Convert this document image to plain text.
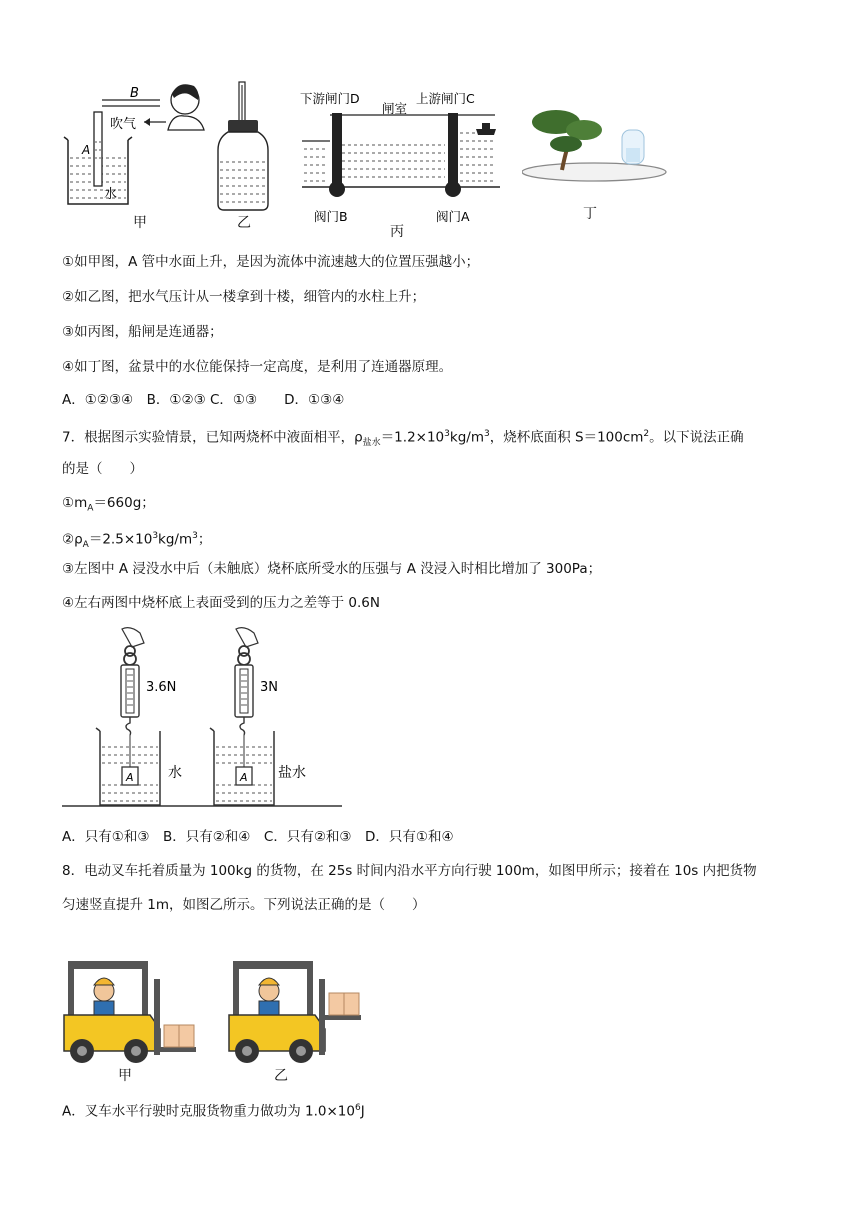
B
吹气
A
水
甲	乙
下游闸门D	上游闸门C
闸室
阀门B	阀门A
丙
丁
①如甲图，A 管中水面上升，是因为流体中流速越大的位置压强越小；
②如乙图，把水气压计从一楼拿到十楼，细管内的水柱上升；
③如丙图，船闸是连通器；
④如丁图，盆景中的水位能保持一定高度，是利用了连通器原理。
A．①②③④　B．①②③ C．①③　　D．①③④
7．根据图示实验情景，已知两烧杯中液面相平，$\rho_{盐水}=1.2\times 10^3kg/m^3$，烧杯底面积 $S=100cm^2$。以下说法正确
的是（　　）
$①m_A=660g$；
$②\rho_A=2.5\times 10^3kg/m^3$；
③左图中 A 浸没水中后（未触底）烧杯底所受水的压强与 A 没浸入时相比增加了 300Pa；
④左右两图中烧杯底上表面受到的压力之差等于 0.6N
3.6N	3N
水	盐水
A	A
A．只有①和③　B．只有②和④　C．只有②和③　D．只有①和④
8．电动叉车托着质量为 100kg 的货物，在 25s 时间内沿水平方向行驶 100m，如图甲所示；接着在 10s 内把货物
匀速竖直提升 1m，如图乙所示。下列说法正确的是（　　）
甲	乙
A．叉车水平行驶时克服货物重力做功为 $1.0\times 10^6J$
